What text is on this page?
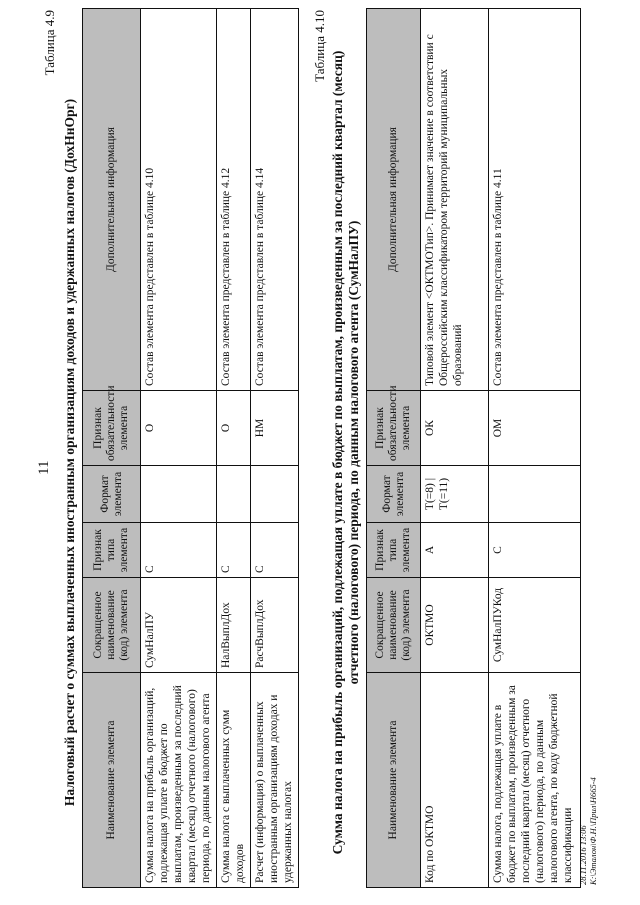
11
Таблица 4.9
Налоговый расчет о суммах выплаченных иностранным организациям доходов и удержанных налогов (ДохНнОрг) Наименование элемента	Сокращенное наименование (код) элемента	Признак типа элемента	Формат элемента	Признак обязательности элемента	Дополнительная информация
Сумма налога на прибыль организаций, подлежащая уплате в бюджет по выплатам, произведенным за последний квартал (месяц) отчетного (налогового) периода, по данным налогового агента	СумНалПУ	С		О	Состав элемента представлен в таблице 4.10
Сумма налога с выплаченных сумм доходов	НалВыплДох	С		О	Состав элемента представлен в таблице 4.12
Расчет (информация) о выплаченных иностранным организациям доходах и удержанных налогах	РасчВыплДох	С		НМ	Состав элемента представлен в таблице 4.14
Таблица 4.10
Сумма налога на прибыль организаций, подлежащая уплате в бюджет по выплатам, произведенным за последний квартал (месяц) отчетного (налогового) периода, по данным налогового агента (СумНалПУ)
Наименование элемента	Сокращенное наименование (код) элемента	Признак типа элемента	Формат элемента	Признак обязательности элемента	Дополнительная информация
Код по ОКТМО	ОКТМО	А	T(=8) | T(=11)	ОК	Типовой элемент <ОКТМОТип>. Принимает значение в соответствии с Общероссийским классификатором территорий муниципальных образований
Сумма налога, подлежащая уплате в бюджет по выплатам, произведенным за последний квартал (месяц) отчетного (налогового) периода, по данным налогового агента, по коду бюджетной классификации	СумНалПУКод	С		ОМ	Состав элемента представлен в таблице 4.11
28.11.2016 13:06 К:\Эталон\Ф.Н.\Прил\Н665-4
